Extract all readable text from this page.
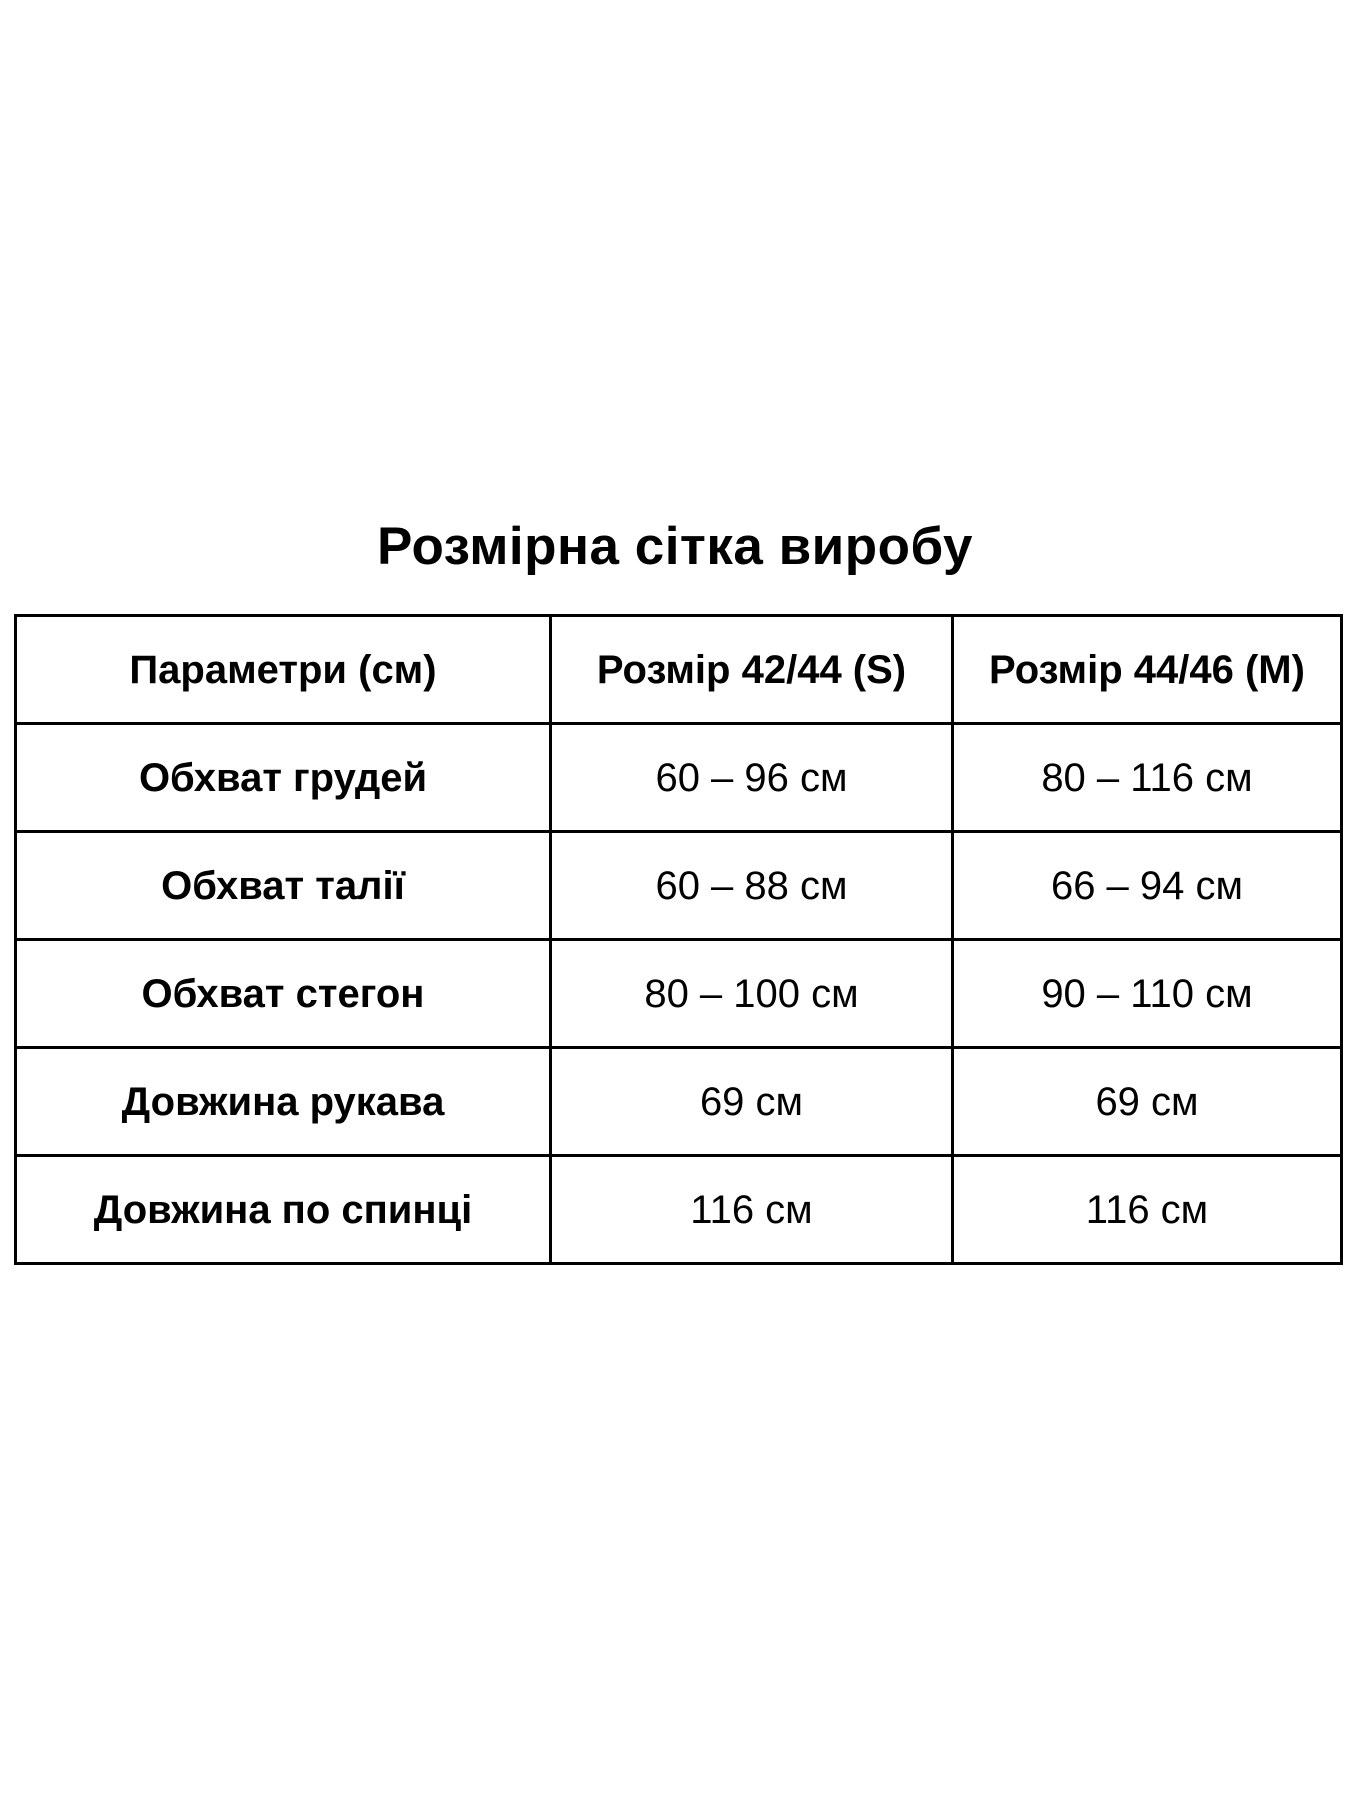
Розмірна сітка виробу
Параметри (см)	Розмір 42/44 (S)	Розмір 44/46 (M)
Обхват грудей	60 – 96 см	80 – 116 см
Обхват талії	60 – 88 см	66 – 94 см
Обхват стегон	80 – 100 см	90 – 110 см
Довжина рукава	69 см	69 см
Довжина по спинці	116 см	116 см
